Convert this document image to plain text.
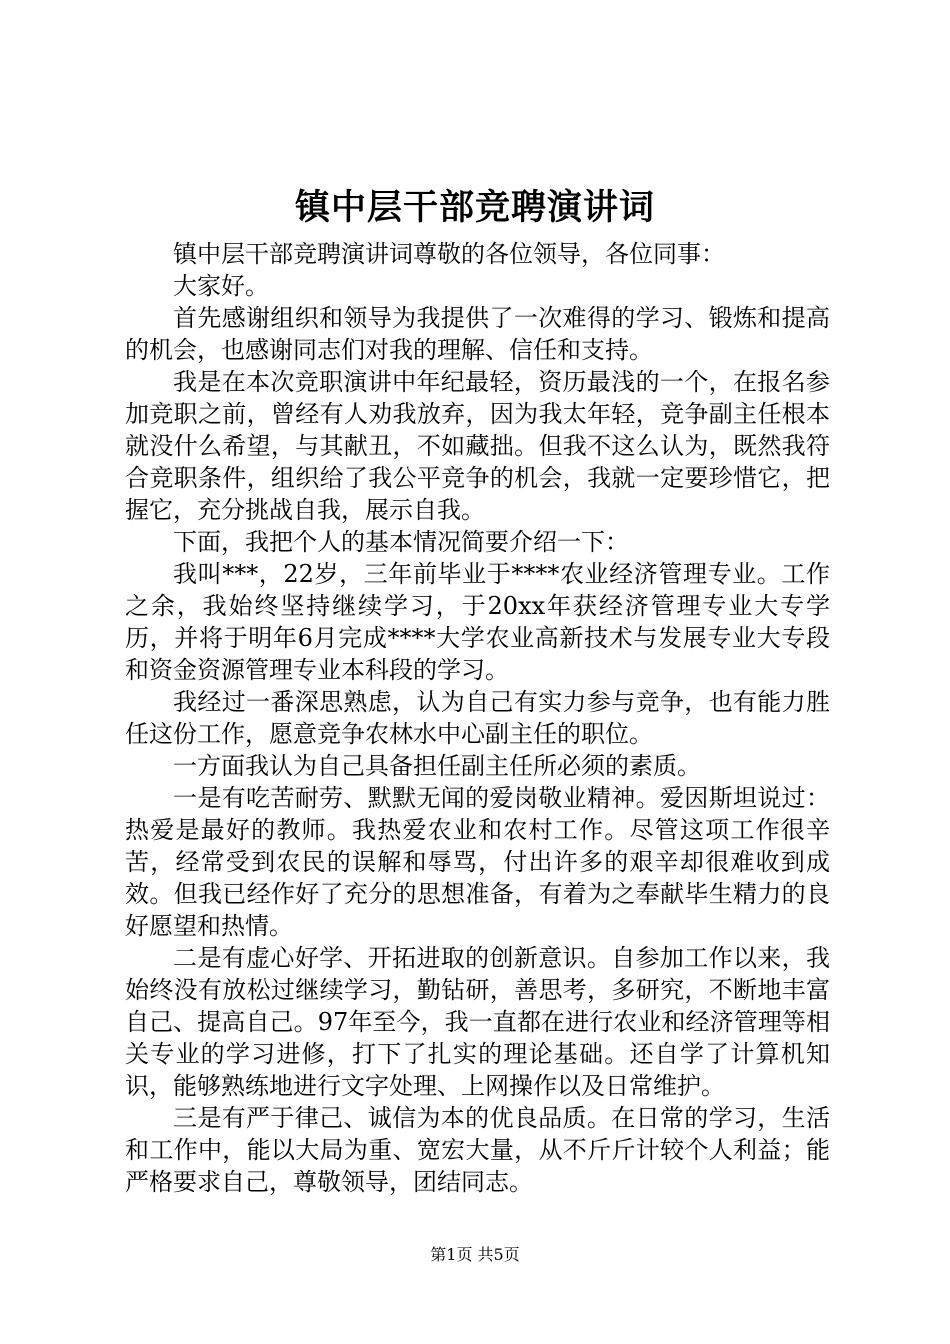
镇中层干部竞聘演讲词

镇中层干部竞聘演讲词尊敬的各位领导，各位同事：

大家好。

首先感谢组织和领导为我提供了一次难得的学习、锻炼和提高的机会，也感谢同志们对我的理解、信任和支持。

我是在本次竞职演讲中年纪最轻，资历最浅的一个，在报名参加竞职之前，曾经有人劝我放弃，因为我太年轻，竞争副主任根本就没什么希望，与其献丑，不如藏拙。但我不这么认为，既然我符合竞职条件，组织给了我公平竞争的机会，我就一定要珍惜它，把握它，充分挑战自我，展示自我。

下面，我把个人的基本情况简要介绍一下：

我叫***，22岁，三年前毕业于****农业经济管理专业。工作之余，我始终坚持继续学习，于20xx年获经济管理专业大专学历，并将于明年6月完成****大学农业高新技术与发展专业大专段和资金资源管理专业本科段的学习。

我经过一番深思熟虑，认为自己有实力参与竞争，也有能力胜任这份工作，愿意竞争农林水中心副主任的职位。

一方面我认为自己具备担任副主任所必须的素质。

一是有吃苦耐劳、默默无闻的爱岗敬业精神。爱因斯坦说过：热爱是最好的教师。我热爱农业和农村工作。尽管这项工作很辛苦，经常受到农民的误解和辱骂，付出许多的艰辛却很难收到成效。但我已经作好了充分的思想准备，有着为之奉献毕生精力的良好愿望和热情。

二是有虚心好学、开拓进取的创新意识。自参加工作以来，我始终没有放松过继续学习，勤钻研，善思考，多研究，不断地丰富自己、提高自己。97年至今，我一直都在进行农业和经济管理等相关专业的学习进修，打下了扎实的理论基础。还自学了计算机知识，能够熟练地进行文字处理、上网操作以及日常维护。

三是有严于律己、诚信为本的优良品质。在日常的学习，生活和工作中，能以大局为重、宽宏大量，从不斤斤计较个人利益；能严格要求自己，尊敬领导，团结同志。

第1页 共5页
